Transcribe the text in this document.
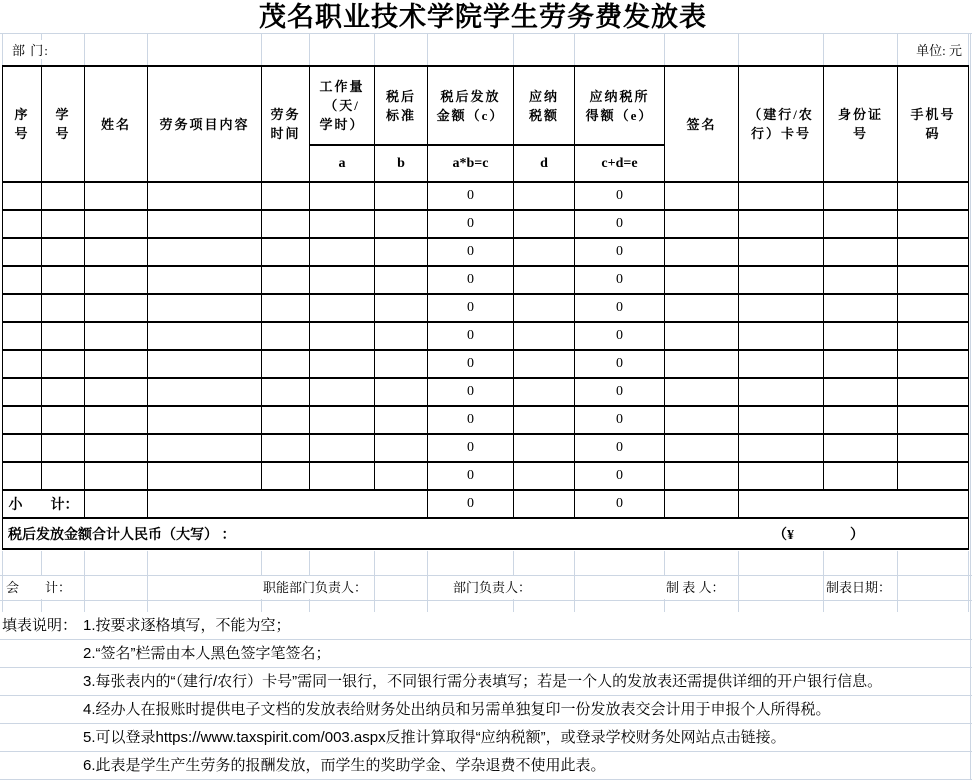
茂名职业技术学院学生劳务费发放表
部 门:	单位: 元
序号	学号	姓名	劳务项目内容	劳务时间	工作量（天/学时）	税后标准	税后发放金额（c）	应纳税额	应纳税所得额（e）	签名	（建行/农行）卡号	身份证号	手机号码
					a	b	a*b=c	d	c+d=e				
							0		0				
							0		0				
							0		0				
							0		0				
							0		0				
							0		0				
							0		0				
							0		0				
							0		0				
							0		0				
							0		0				
小　　计：							0		0				
税后发放金额合计人民币（大写） ： （¥　　　　）													
会　　计：	职能部门负责人：	部门负责人：	制 表 人：	制表日期：
填表说明： 1.按要求逐格填写，不能为空；
2.“签名”栏需由本人黑色签字笔签名；
3.每张表内的“（建行/农行）卡号”需同一银行，不同银行需分表填写；若是一个人的发放表还需提供详细的开户银行信息。
4.经办人在报账时提供电子文档的发放表给财务处出纳员和另需单独复印一份发放表交会计用于申报个人所得税。
5.可以登录https://www.taxspirit.com/003.aspx反推计算取得“应纳税额”，或登录学校财务处网站点击链接。
6.此表是学生产生劳务的报酬发放，而学生的奖助学金、学杂退费不使用此表。
